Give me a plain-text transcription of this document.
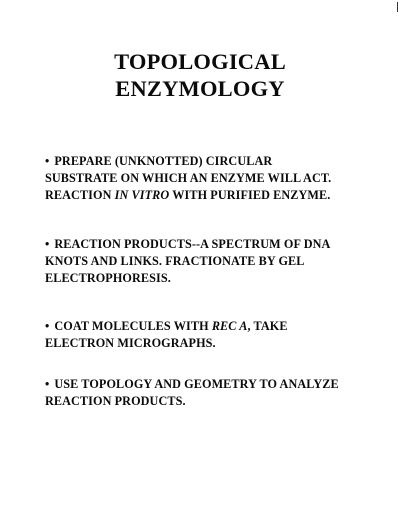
TOPOLOGICAL
ENZYMOLOGY
• PREPARE (UNKNOTTED) CIRCULAR
SUBSTRATE ON WHICH AN ENZYME WILL ACT.
REACTION IN VITRO WITH PURIFIED ENZYME.
• REACTION PRODUCTS--A SPECTRUM OF DNA
KNOTS AND LINKS. FRACTIONATE BY GEL
ELECTROPHORESIS.
• COAT MOLECULES WITH REC A, TAKE
ELECTRON MICROGRAPHS.
• USE TOPOLOGY AND GEOMETRY TO ANALYZE
REACTION PRODUCTS.
